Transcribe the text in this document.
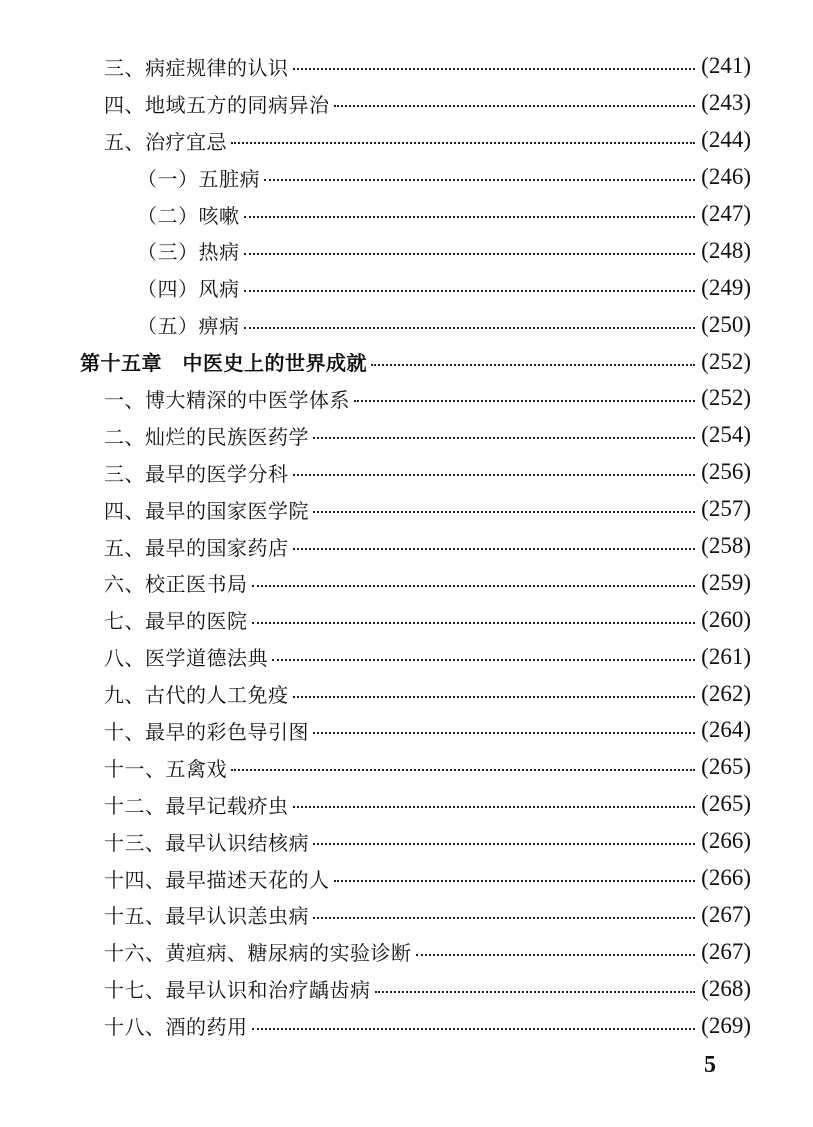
三、病症规律的认识	(241)
四、地域五方的同病异治	(243)
五、治疗宜忌	(244)
（一）五脏病	(246)
（二）咳嗽	(247)
（三）热病	(248)
（四）风病	(249)
（五）痹病	(250)
第十五章　中医史上的世界成就	(252)
一、博大精深的中医学体系	(252)
二、灿烂的民族医药学	(254)
三、最早的医学分科	(256)
四、最早的国家医学院	(257)
五、最早的国家药店	(258)
六、校正医书局	(259)
七、最早的医院	(260)
八、医学道德法典	(261)
九、古代的人工免疫	(262)
十、最早的彩色导引图	(264)
十一、五禽戏	(265)
十二、最早记载疥虫	(265)
十三、最早认识结核病	(266)
十四、最早描述天花的人	(266)
十五、最早认识恙虫病	(267)
十六、黄疸病、糖尿病的实验诊断	(267)
十七、最早认识和治疗龋齿病	(268)
十八、酒的药用	(269)
5
